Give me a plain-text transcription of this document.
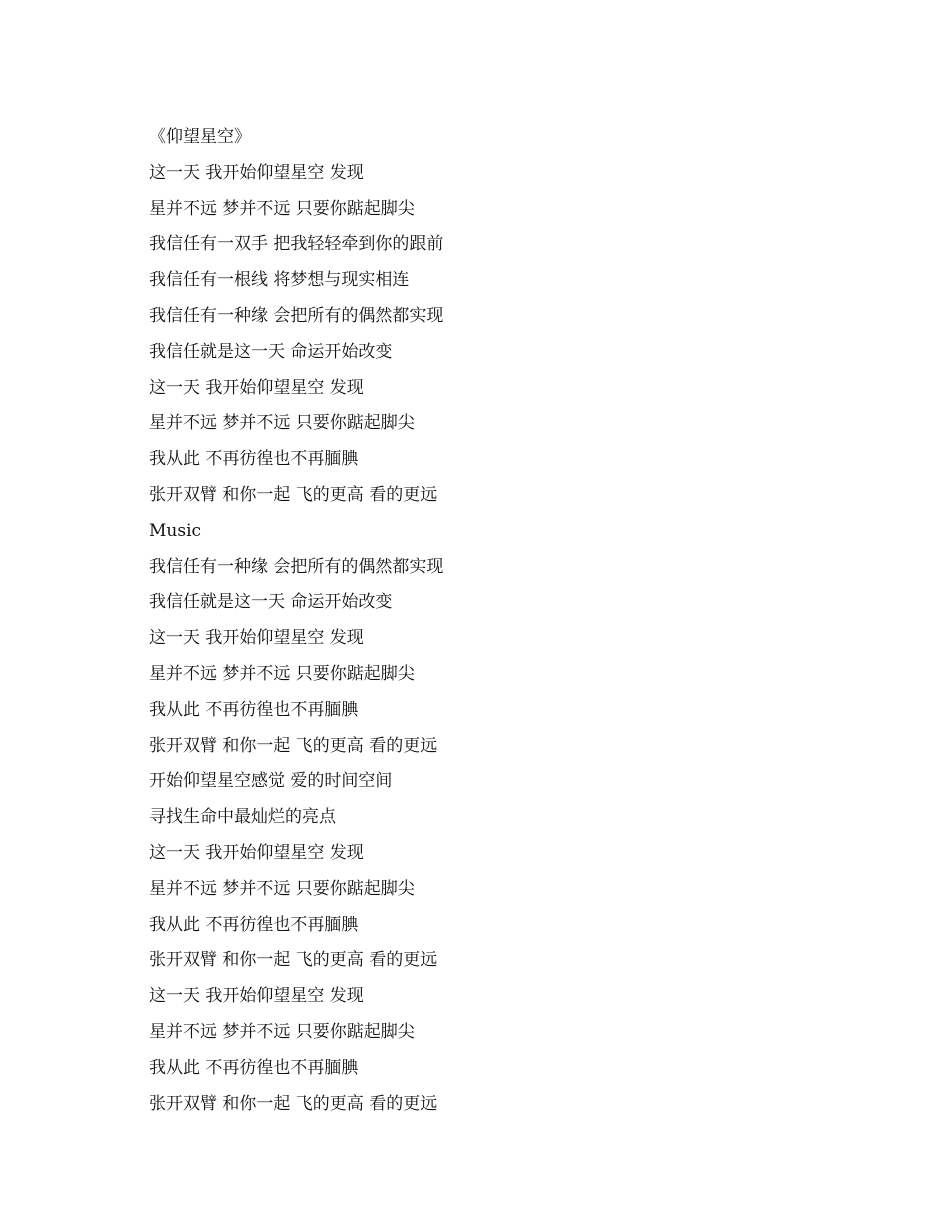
《仰望星空》
这一天 我开始仰望星空 发现
星并不远 梦并不远 只要你踮起脚尖
我信任有一双手 把我轻轻牵到你的跟前
我信任有一根线 将梦想与现实相连
我信任有一种缘 会把所有的偶然都实现
我信任就是这一天 命运开始改变
这一天 我开始仰望星空 发现
星并不远 梦并不远 只要你踮起脚尖
我从此 不再彷徨也不再腼腆
张开双臂 和你一起 飞的更高 看的更远
Music
我信任有一种缘 会把所有的偶然都实现
我信任就是这一天 命运开始改变
这一天 我开始仰望星空 发现
星并不远 梦并不远 只要你踮起脚尖
我从此 不再彷徨也不再腼腆
张开双臂 和你一起 飞的更高 看的更远
开始仰望星空感觉 爱的时间空间
寻找生命中最灿烂的亮点
这一天 我开始仰望星空 发现
星并不远 梦并不远 只要你踮起脚尖
我从此 不再彷徨也不再腼腆
张开双臂 和你一起 飞的更高 看的更远
这一天 我开始仰望星空 发现
星并不远 梦并不远 只要你踮起脚尖
我从此 不再彷徨也不再腼腆
张开双臂 和你一起 飞的更高 看的更远
